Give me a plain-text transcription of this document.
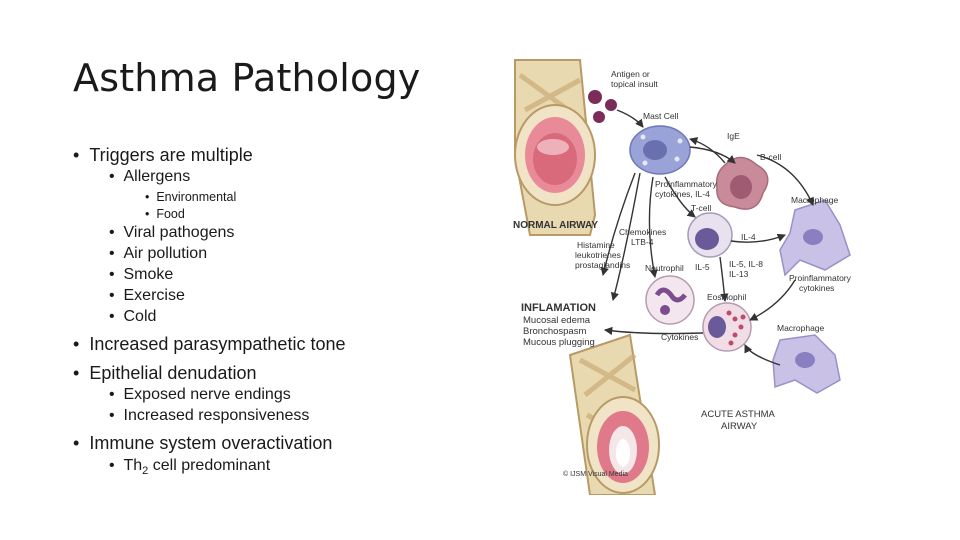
Asthma Pathology
• Triggers are multiple
• Allergens
• Environmental
• Food
• Viral pathogens
• Air pollution
• Smoke
• Exercise
• Cold
• Increased parasympathetic tone
• Epithelial denudation
• Exposed nerve endings
• Increased responsiveness
• Immune system overactivation
• $Th_2$ cell predominant
Antigen or
topical insult
Mast Cell
IgE
B-cell
Proinflammatory
cytokines, IL-4
T-cell
Macrophage
NORMAL AIRWAY
Chemokines
LTB-4
Histamine
leukotrienes
prostaglandins
IL-4
Neutrophil IL-5 IL-5, IL-8
IL-13	Proinflammatory
cytokines
INFLAMATION
Mucosal edema
Bronchospasm
Mucous plugging
Eosinophil
Cytokines
Macrophage
ACUTE ASTHMA
AIRWAY
© IJSM Visual Media
